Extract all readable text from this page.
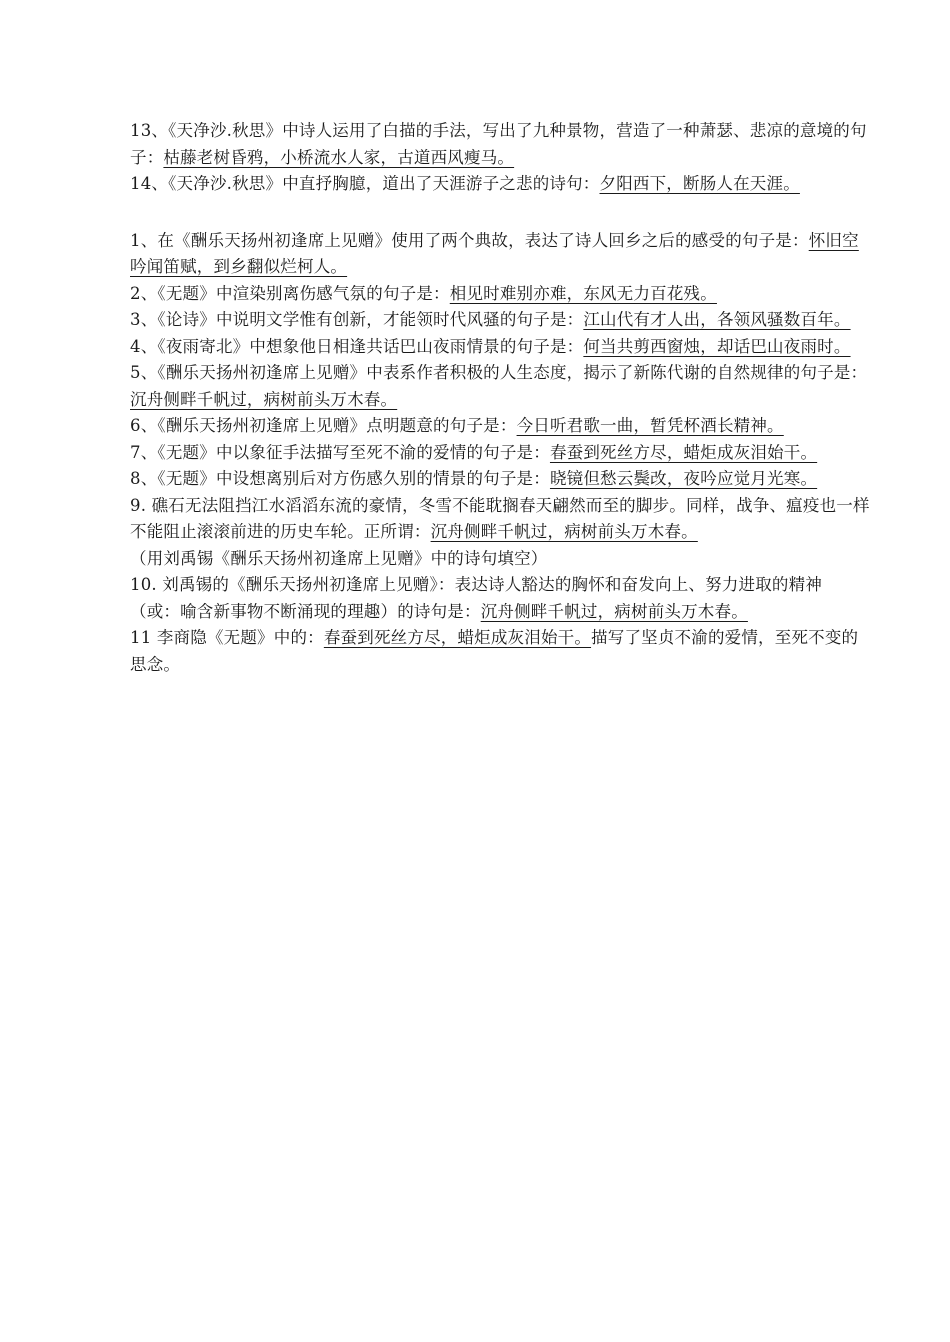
13、《天净沙.秋思》中诗人运用了白描的手法，写出了九种景物，营造了一种萧瑟、悲凉的意境的句子：枯藤老树昏鸦，小桥流水人家，古道西风瘦马。

14、《天净沙.秋思》中直抒胸臆，道出了天涯游子之悲的诗句：夕阳西下，断肠人在天涯。

1、在《酬乐天扬州初逢席上见赠》使用了两个典故，表达了诗人回乡之后的感受的句子是：怀旧空吟闻笛赋，到乡翻似烂柯人。

2、《无题》中渲染别离伤感气氛的句子是：相见时难别亦难，东风无力百花残。

3、《论诗》中说明文学惟有创新，才能领时代风骚的句子是：江山代有才人出，各领风骚数百年。

4、《夜雨寄北》中想象他日相逢共话巴山夜雨情景的句子是：何当共剪西窗烛，却话巴山夜雨时。

5、《酬乐天扬州初逢席上见赠》中表系作者积极的人生态度，揭示了新陈代谢的自然规律的句子是：沉舟侧畔千帆过，病树前头万木春。

6、《酬乐天扬州初逢席上见赠》点明题意的句子是：今日听君歌一曲，暂凭杯酒长精神。

7、《无题》中以象征手法描写至死不渝的爱情的句子是：春蚕到死丝方尽，蜡炬成灰泪始干。

8、《无题》中设想离别后对方伤感久别的情景的句子是：晓镜但愁云鬓改，夜吟应觉月光寒。

9. 礁石无法阻挡江水滔滔东流的豪情，冬雪不能耽搁春天翩然而至的脚步。同样，战争、瘟疫也一样不能阻止滚滚前进的历史车轮。正所谓：沉舟侧畔千帆过，病树前头万木春。
（用刘禹锡《酬乐天扬州初逢席上见赠》中的诗句填空）

10. 刘禹锡的《酬乐天扬州初逢席上见赠》：表达诗人豁达的胸怀和奋发向上、努力进取的精神（或：喻含新事物不断涌现的理趣）的诗句是：沉舟侧畔千帆过，病树前头万木春。

11 李商隐《无题》中的：春蚕到死丝方尽，蜡炬成灰泪始干。描写了坚贞不渝的爱情，至死不变的思念。
